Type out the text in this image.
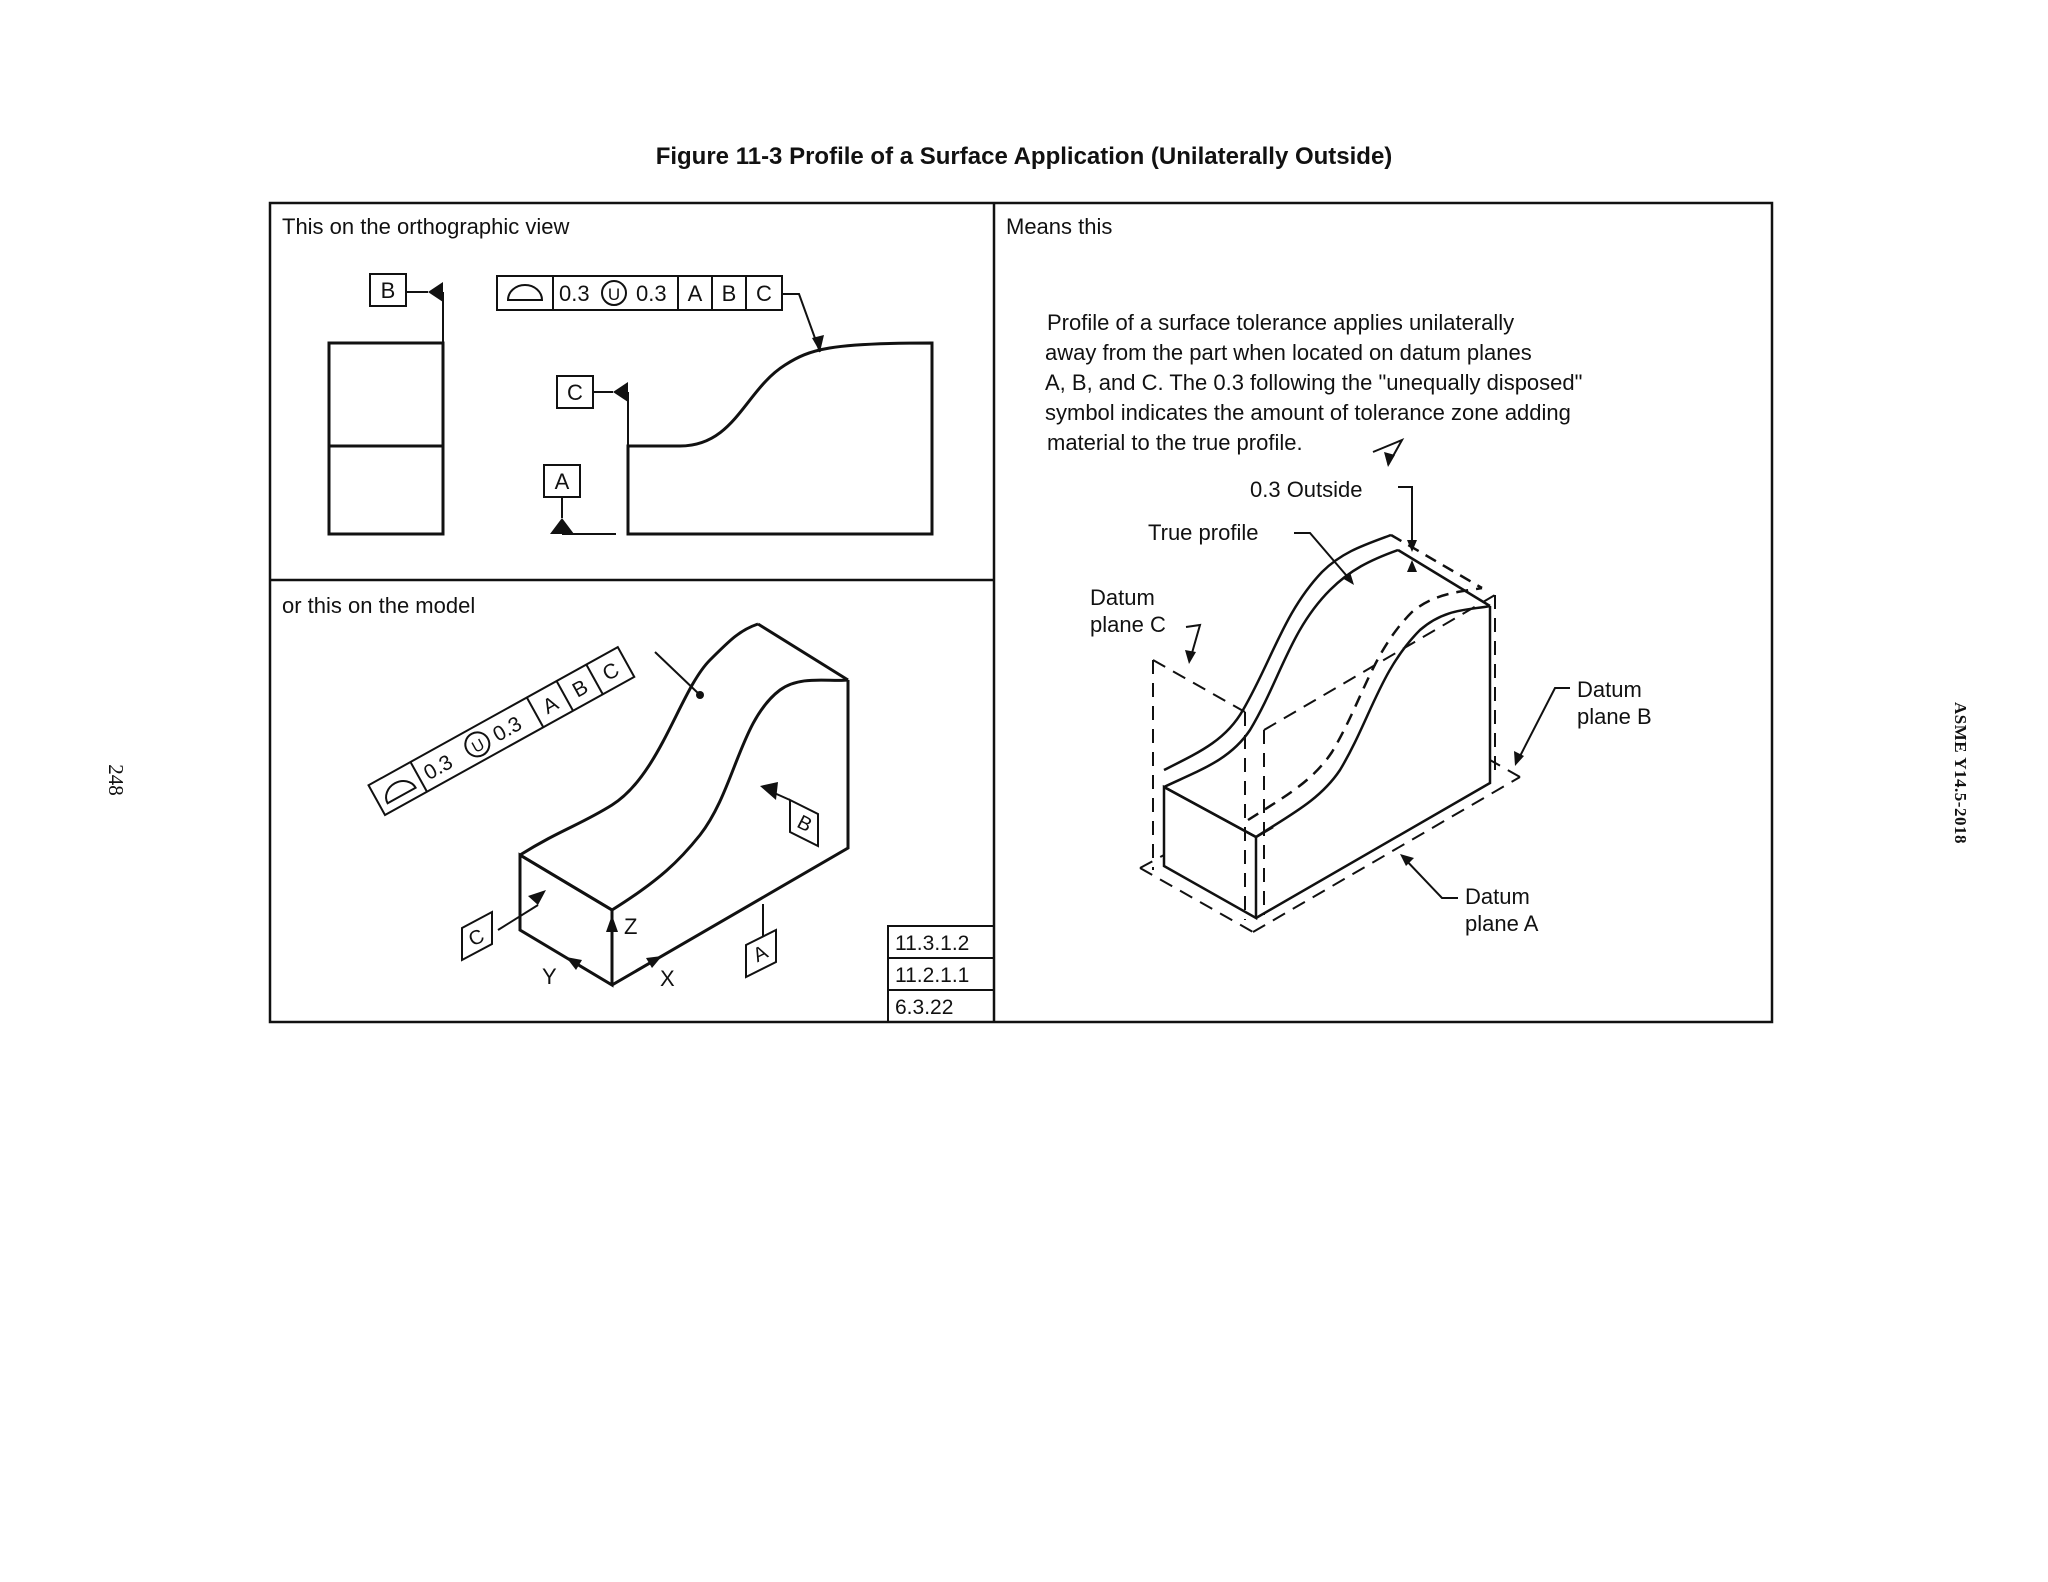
Figure 11-3 Profile of a Surface Application (Unilaterally Outside)
248	ASME Y14.5-2018
This on the orthographic view
or this on the model
Means this
B
C
A
0.3 U 0.3 A B C
A
C
B
Z
X
Y
0.3
U
0.3
A
B
C
11.3.1.2
11.2.1.1
6.3.22
Profile of a surface tolerance applies unilaterally
away from the part when located on datum planes
A, B, and C. The 0.3 following the "unequally disposed"
symbol indicates the amount of tolerance zone adding
material to the true profile.
0.3 Outside
True profile
Datum
plane C
Datum
plane B
Datum
plane A
